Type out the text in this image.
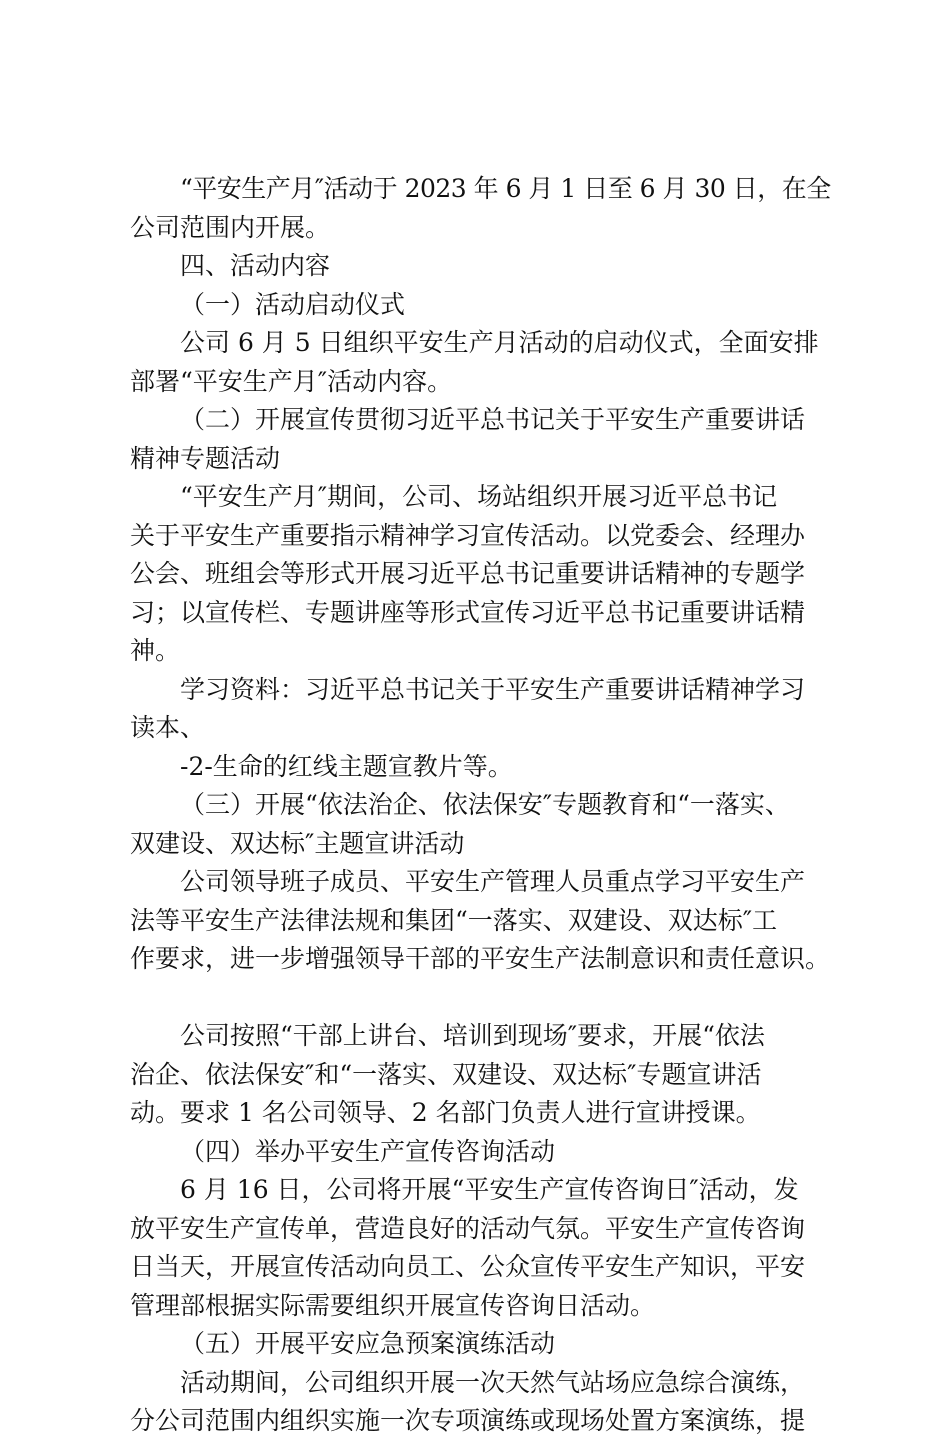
“平安生产月″活动于 2023 年 6 月 1 日至 6 月 30 日，在全
公司范围内开展。
四、活动内容
（一）活动启动仪式
公司 6 月 5 日组织平安生产月活动的启动仪式，全面安排
部署“平安生产月″活动内容。
（二）开展宣传贯彻习近平总书记关于平安生产重要讲话
精神专题活动
“平安生产月″期间，公司、场站组织开展习近平总书记
关于平安生产重要指示精神学习宣传活动。以党委会、经理办
公会、班组会等形式开展习近平总书记重要讲话精神的专题学
习；以宣传栏、专题讲座等形式宣传习近平总书记重要讲话精
神。
学习资料：习近平总书记关于平安生产重要讲话精神学习
读本、
-2-生命的红线主题宣教片等。
（三）开展“依法治企、依法保安″专题教育和“一落实、
双建设、双达标″主题宣讲活动
公司领导班子成员、平安生产管理人员重点学习平安生产
法等平安生产法律法规和集团“一落实、双建设、双达标″工
作要求，进一步增强领导干部的平安生产法制意识和责任意识。
公司按照“干部上讲台、培训到现场″要求，开展“依法
治企、依法保安″和“一落实、双建设、双达标″专题宣讲活
动。要求 1 名公司领导、2 名部门负责人进行宣讲授课。
（四）举办平安生产宣传咨询活动
6 月 16 日，公司将开展“平安生产宣传咨询日″活动，发
放平安生产宣传单，营造良好的活动气氛。平安生产宣传咨询
日当天，开展宣传活动向员工、公众宣传平安生产知识，平安
管理部根据实际需要组织开展宣传咨询日活动。
（五）开展平安应急预案演练活动
活动期间，公司组织开展一次天然气站场应急综合演练，
分公司范围内组织实施一次专项演练或现场处置方案演练，提
